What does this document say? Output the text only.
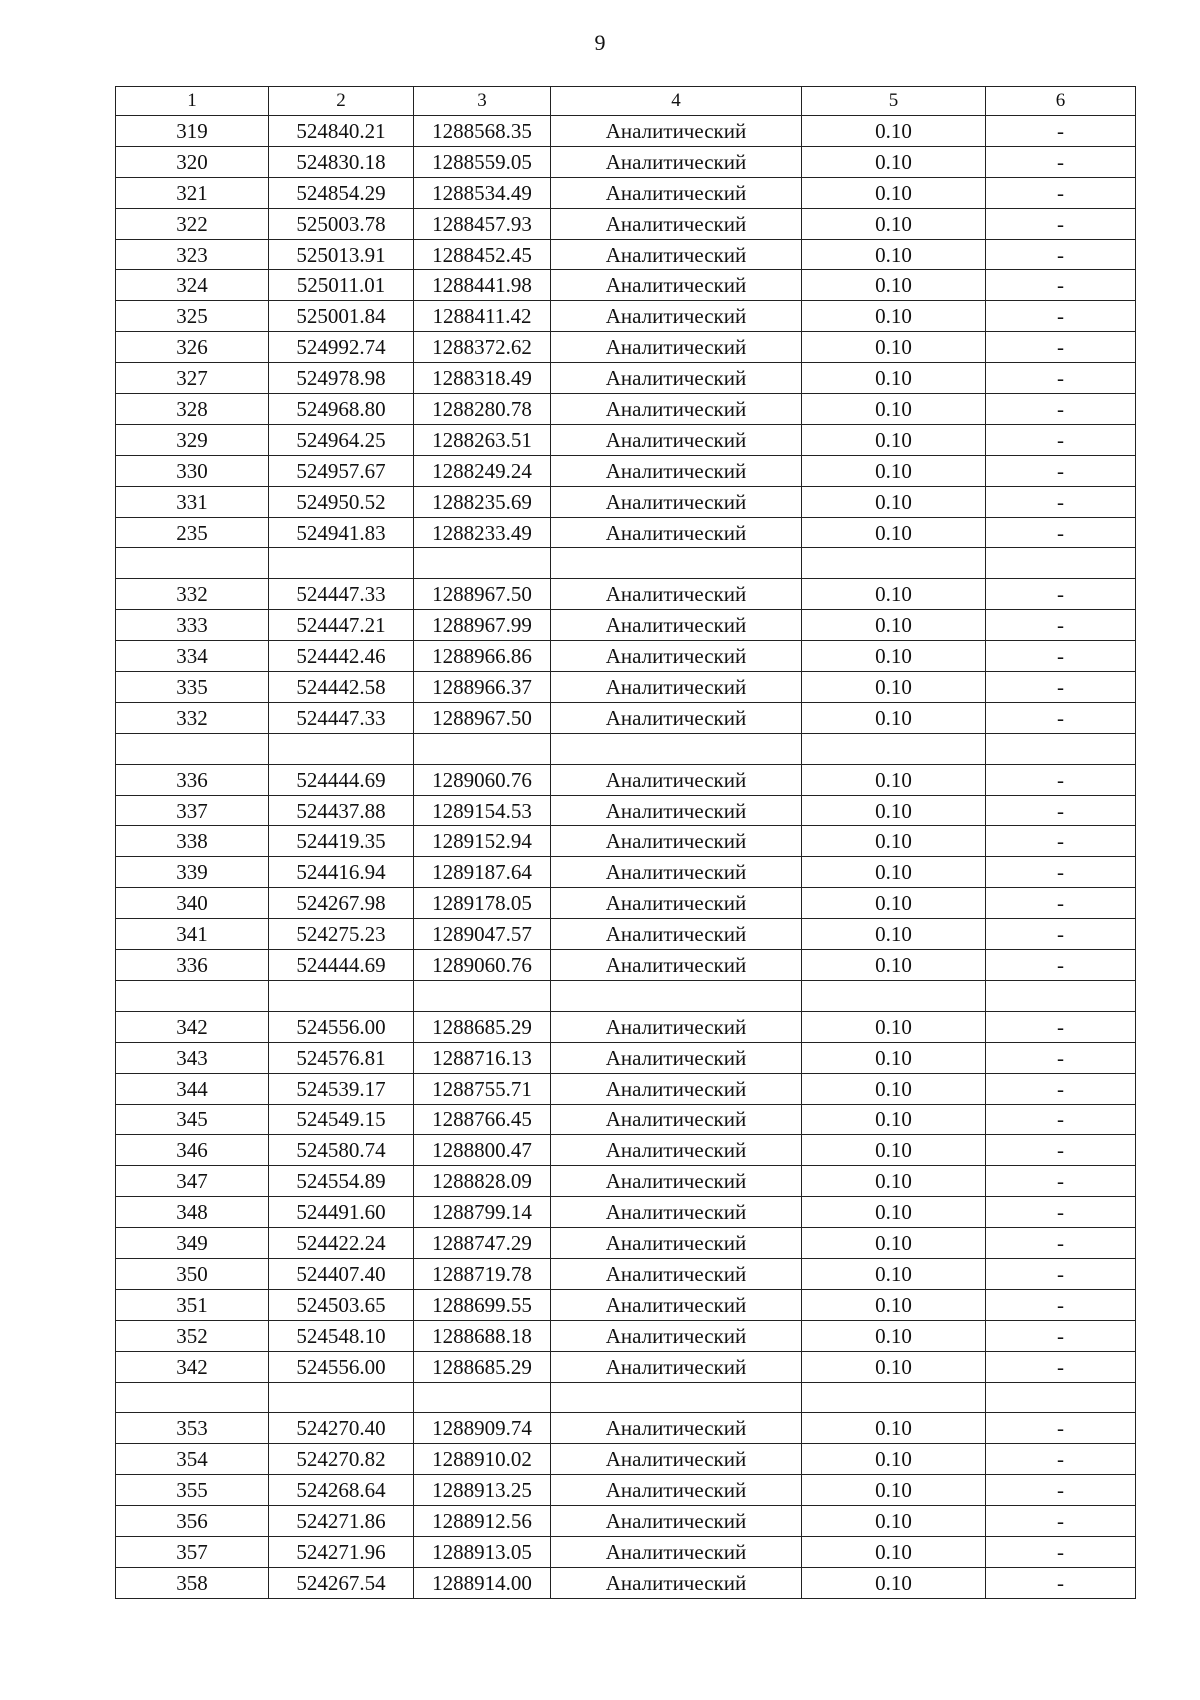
9
1	2	3	4	5	6
319	524840.21	1288568.35	Аналитический	0.10	-
320	524830.18	1288559.05	Аналитический	0.10	-
321	524854.29	1288534.49	Аналитический	0.10	-
322	525003.78	1288457.93	Аналитический	0.10	-
323	525013.91	1288452.45	Аналитический	0.10	-
324	525011.01	1288441.98	Аналитический	0.10	-
325	525001.84	1288411.42	Аналитический	0.10	-
326	524992.74	1288372.62	Аналитический	0.10	-
327	524978.98	1288318.49	Аналитический	0.10	-
328	524968.80	1288280.78	Аналитический	0.10	-
329	524964.25	1288263.51	Аналитический	0.10	-
330	524957.67	1288249.24	Аналитический	0.10	-
331	524950.52	1288235.69	Аналитический	0.10	-
235	524941.83	1288233.49	Аналитический	0.10	-

332	524447.33	1288967.50	Аналитический	0.10	-
333	524447.21	1288967.99	Аналитический	0.10	-
334	524442.46	1288966.86	Аналитический	0.10	-
335	524442.58	1288966.37	Аналитический	0.10	-
332	524447.33	1288967.50	Аналитический	0.10	-

336	524444.69	1289060.76	Аналитический	0.10	-
337	524437.88	1289154.53	Аналитический	0.10	-
338	524419.35	1289152.94	Аналитический	0.10	-
339	524416.94	1289187.64	Аналитический	0.10	-
340	524267.98	1289178.05	Аналитический	0.10	-
341	524275.23	1289047.57	Аналитический	0.10	-
336	524444.69	1289060.76	Аналитический	0.10	-

342	524556.00	1288685.29	Аналитический	0.10	-
343	524576.81	1288716.13	Аналитический	0.10	-
344	524539.17	1288755.71	Аналитический	0.10	-
345	524549.15	1288766.45	Аналитический	0.10	-
346	524580.74	1288800.47	Аналитический	0.10	-
347	524554.89	1288828.09	Аналитический	0.10	-
348	524491.60	1288799.14	Аналитический	0.10	-
349	524422.24	1288747.29	Аналитический	0.10	-
350	524407.40	1288719.78	Аналитический	0.10	-
351	524503.65	1288699.55	Аналитический	0.10	-
352	524548.10	1288688.18	Аналитический	0.10	-
342	524556.00	1288685.29	Аналитический	0.10	-

353	524270.40	1288909.74	Аналитический	0.10	-
354	524270.82	1288910.02	Аналитический	0.10	-
355	524268.64	1288913.25	Аналитический	0.10	-
356	524271.86	1288912.56	Аналитический	0.10	-
357	524271.96	1288913.05	Аналитический	0.10	-
358	524267.54	1288914.00	Аналитический	0.10	-
